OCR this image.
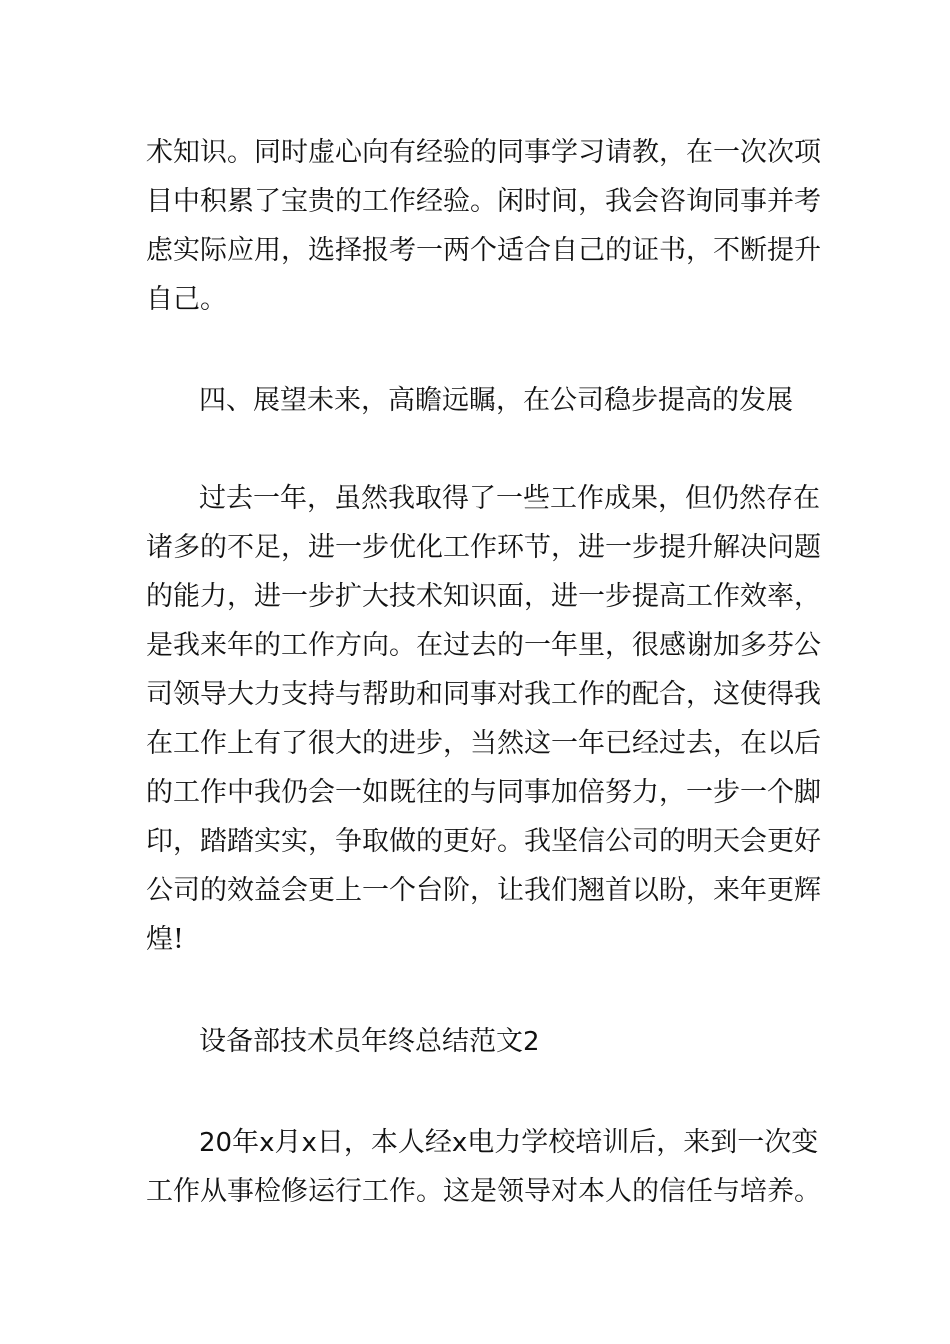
术知识。同时虚心向有经验的同事学习请教，在一次次项
目中积累了宝贵的工作经验。闲时间，我会咨询同事并考
虑实际应用，选择报考一两个适合自己的证书，不断提升
自己。
四、展望未来，高瞻远瞩，在公司稳步提高的发展
过去一年，虽然我取得了一些工作成果，但仍然存在
诸多的不足，进一步优化工作环节，进一步提升解决问题
的能力，进一步扩大技术知识面，进一步提高工作效率，
是我来年的工作方向。在过去的一年里，很感谢加多芬公
司领导大力支持与帮助和同事对我工作的配合，这使得我
在工作上有了很大的进步，当然这一年已经过去，在以后
的工作中我仍会一如既往的与同事加倍努力，一步一个脚
印，踏踏实实，争取做的更好。我坚信公司的明天会更好
公司的效益会更上一个台阶，让我们翘首以盼，来年更辉
煌!
设备部技术员年终总结范文2
20年x月x日，本人经x电力学校培训后，来到一次变
工作从事检修运行工作。这是领导对本人的信任与培养。
